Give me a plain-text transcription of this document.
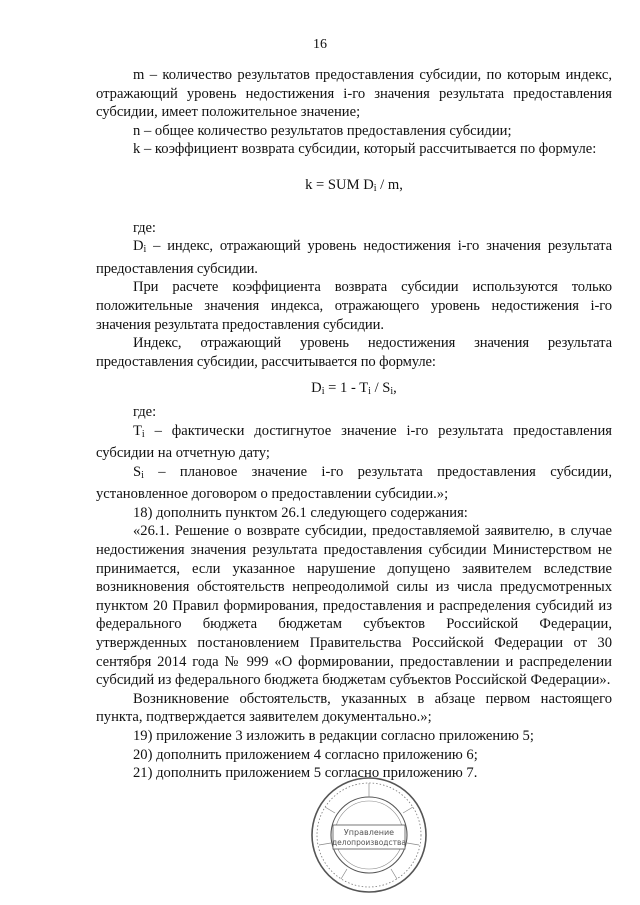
16

m – количество результатов предоставления субсидии, по которым индекс, отражающий уровень недостижения i-го значения результата предоставления субсидии, имеет положительное значение;

n – общее количество результатов предоставления субсидии;

k – коэффициент возврата субсидии, который рассчитывается по формуле:

k = SUM $D_i$ / m,

где:

$D_i$ – индекс, отражающий уровень недостижения i-го значения результата предоставления субсидии.

При расчете коэффициента возврата субсидии используются только положительные значения индекса, отражающего уровень недостижения i-го значения результата предоставления субсидии.

Индекс, отражающий уровень недостижения значения результата предоставления субсидии, рассчитывается по формуле:

$D_i = 1 - T_i / S_i$,

где:

$T_i$ – фактически достигнутое значение i-го результата предоставления субсидии на отчетную дату;

$S_i$ – плановое значение i-го результата предоставления субсидии, установленное договором о предоставлении субсидии.»;

18) дополнить пунктом 26.1 следующего содержания:

«26.1. Решение о возврате субсидии, предоставляемой заявителю, в случае недостижения значения результата предоставления субсидии Министерством не принимается, если указанное нарушение допущено заявителем вследствие возникновения обстоятельств непреодолимой силы из числа предусмотренных пунктом 20 Правил формирования, предоставления и распределения субсидий из федерального бюджета бюджетам субъектов Российской Федерации, утвержденных постановлением Правительства Российской Федерации от 30 сентября 2014 года № 999 «О формировании, предоставлении и распределении субсидий из федерального бюджета бюджетам субъектов Российской Федерации».

Возникновение обстоятельств, указанных в абзаце первом настоящего пункта, подтверждается заявителем документально.»;

19) приложение 3 изложить в редакции согласно приложению 5;

20) дополнить приложением 4 согласно приложению 6;

21) дополнить приложением 5 согласно приложению 7.

Управление
делопроизводства
